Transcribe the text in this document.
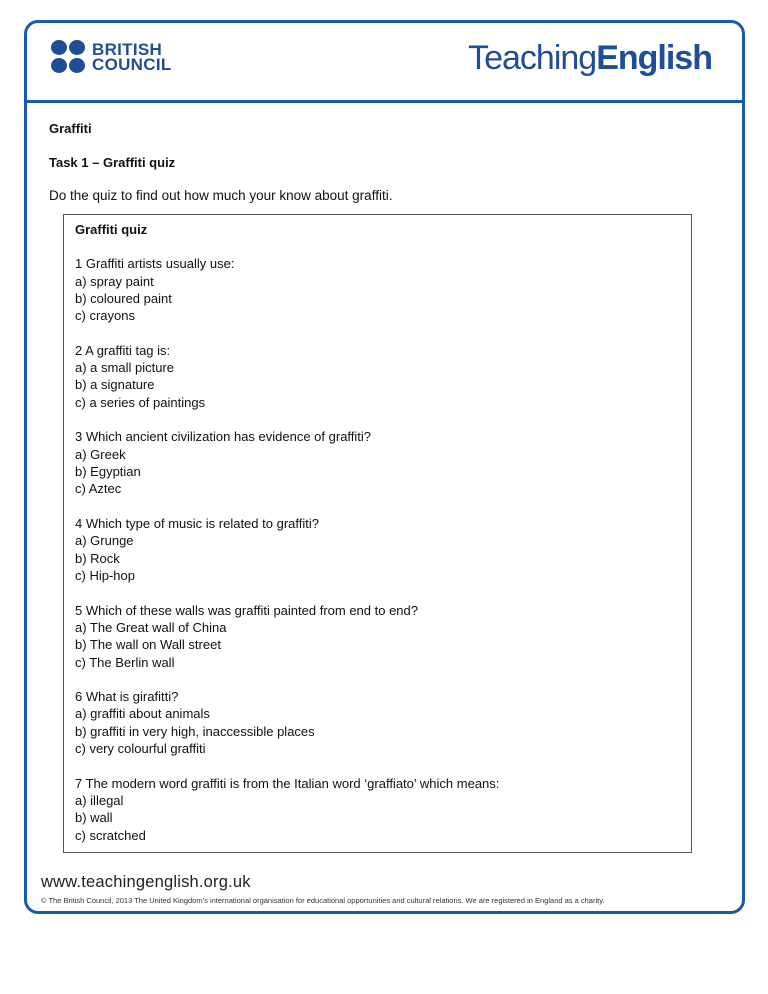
BRITISH
COUNCIL	TeachingEnglish
Graffiti
Task 1 – Graffiti quiz
Do the quiz to find out how much your know about graffiti.
Graffiti quiz
1 Graffiti artists usually use:
a) spray paint
b) coloured paint
c) crayons
2 A graffiti tag is:
a) a small picture
b) a signature
c) a series of paintings
3 Which ancient civilization has evidence of graffiti?
a) Greek
b) Egyptian
c) Aztec
4 Which type of music is related to graffiti?
a) Grunge
b) Rock
c) Hip-hop
5 Which of these walls was graffiti painted from end to end?
a) The Great wall of China
b) The wall on Wall street
c) The Berlin wall
6 What is girafitti?
a) graffiti about animals
b) graffiti in very high, inaccessible places
c) very colourful graffiti
7 The modern word graffiti is from the Italian word ‘graffiato’ which means:
a) illegal
b) wall
c) scratched
www.teachingenglish.org.uk
© The British Council, 2013 The United Kingdom’s international organisation for educational opportunities and cultural relations. We are registered in England as a charity.
